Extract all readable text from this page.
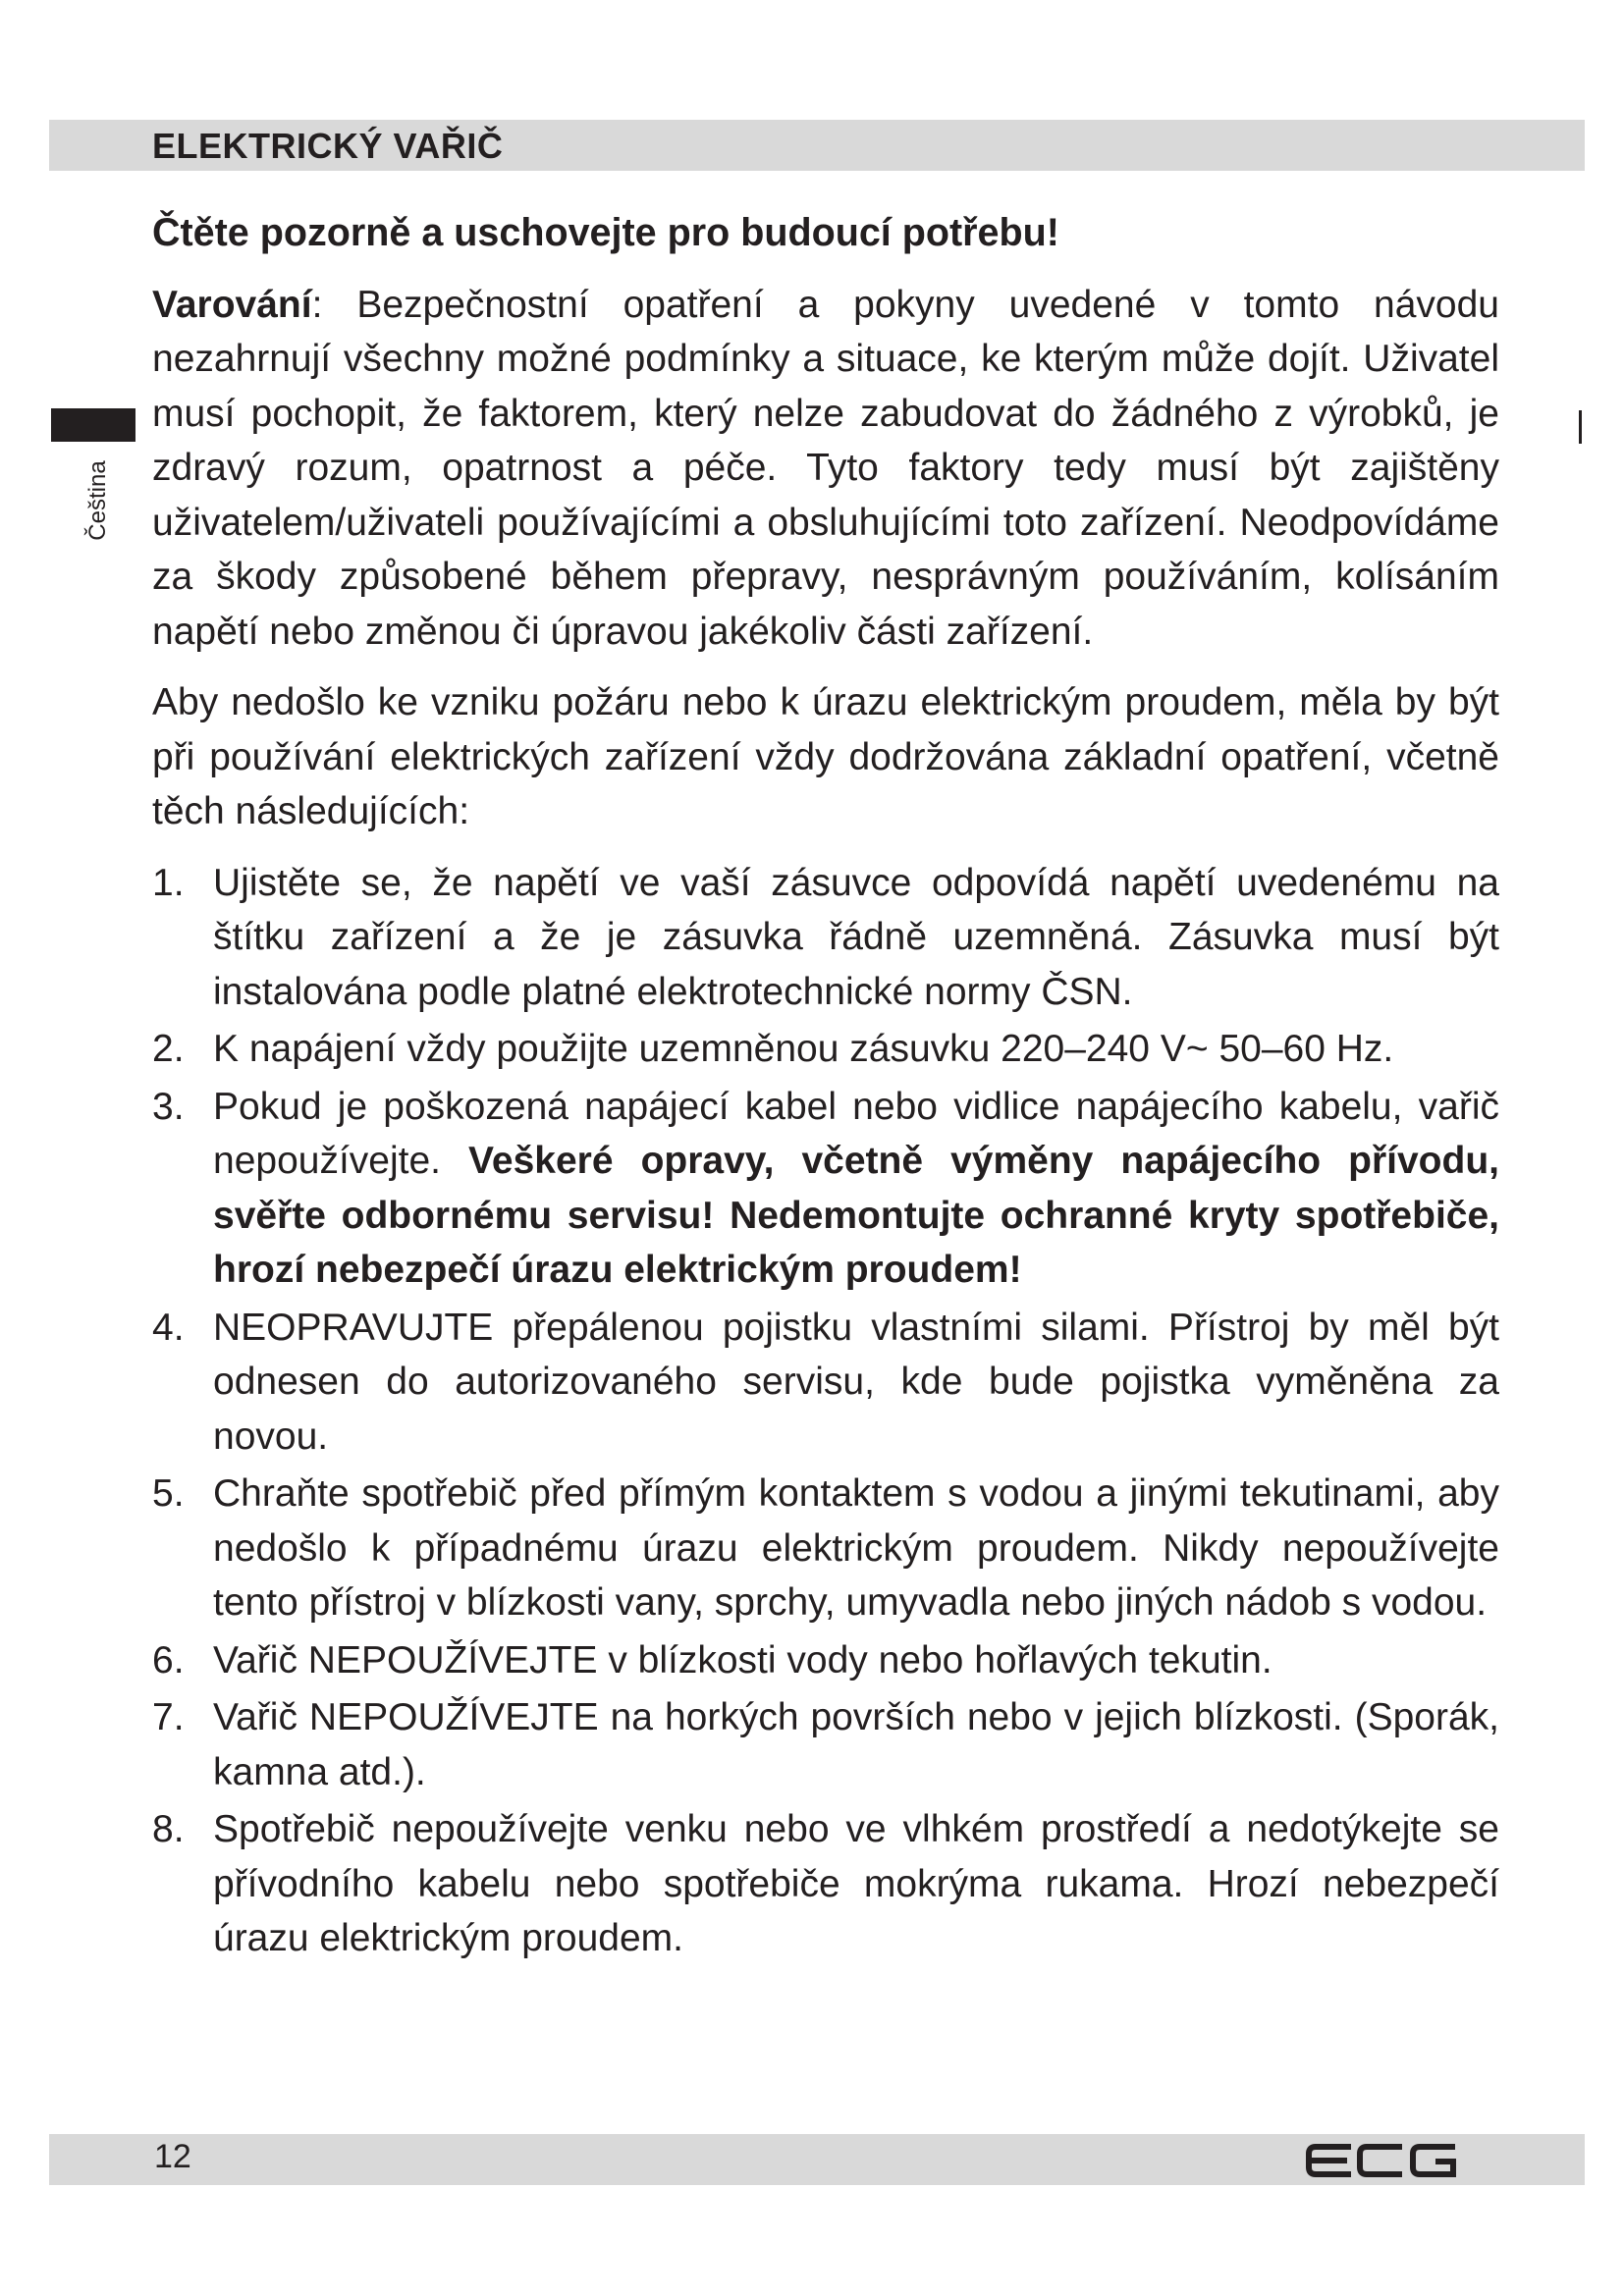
ELEKTRICKÝ VAŘIČ
Čeština
Čtěte pozorně a uschovejte pro budoucí potřebu!

Varování: Bezpečnostní opatření a pokyny uvedené v tomto návodu nezahrnují všechny možné podmínky a situace, ke kterým může dojít. Uživatel musí pochopit, že faktorem, který nelze zabudovat do žádného z výrobků, je zdravý rozum, opatrnost a péče. Tyto faktory tedy musí být zajištěny uživatelem/uživateli používajícími a obsluhujícími toto zařízení. Neodpovídáme za škody způsobené během přepravy, nesprávným používáním, kolísáním napětí nebo změnou či úpravou jakékoliv části zařízení.

Aby nedošlo ke vzniku požáru nebo k úrazu elektrickým proudem, měla by být při používání elektrických zařízení vždy dodržována základní opatření, včetně těch následujících:

1. Ujistěte se, že napětí ve vaší zásuvce odpovídá napětí uvedenému na štítku zařízení a že je zásuvka řádně uzemněná. Zásuvka musí být instalována podle platné elektrotechnické normy ČSN.
2. K napájení vždy použijte uzemněnou zásuvku 220–240 V~ 50–60 Hz.
3. Pokud je poškozená napájecí kabel nebo vidlice napájecího kabelu, vařič nepoužívejte. Veškeré opravy, včetně výměny napájecího přívodu, svěřte odbornému servisu! Nedemontujte ochranné kryty spotřebiče, hrozí nebezpečí úrazu elektrickým proudem!
4. NEOPRAVUJTE přepálenou pojistku vlastními silami. Přístroj by měl být odnesen do autorizovaného servisu, kde bude pojistka vyměněna za novou.
5. Chraňte spotřebič před přímým kontaktem s vodou a jinými tekutinami, aby nedošlo k případnému úrazu elektrickým proudem. Nikdy nepoužívejte tento přístroj v blízkosti vany, sprchy, umyvadla nebo jiných nádob s vodou.
6. Vařič NEPOUŽÍVEJTE v blízkosti vody nebo hořlavých tekutin.
7. Vařič NEPOUŽÍVEJTE na horkých površích nebo v jejich blízkosti. (Sporák, kamna atd.).
8. Spotřebič nepoužívejte venku nebo ve vlhkém prostředí a nedotýkejte se přívodního kabelu nebo spotřebiče mokrýma rukama. Hrozí nebezpečí úrazu elektrickým proudem.
12
